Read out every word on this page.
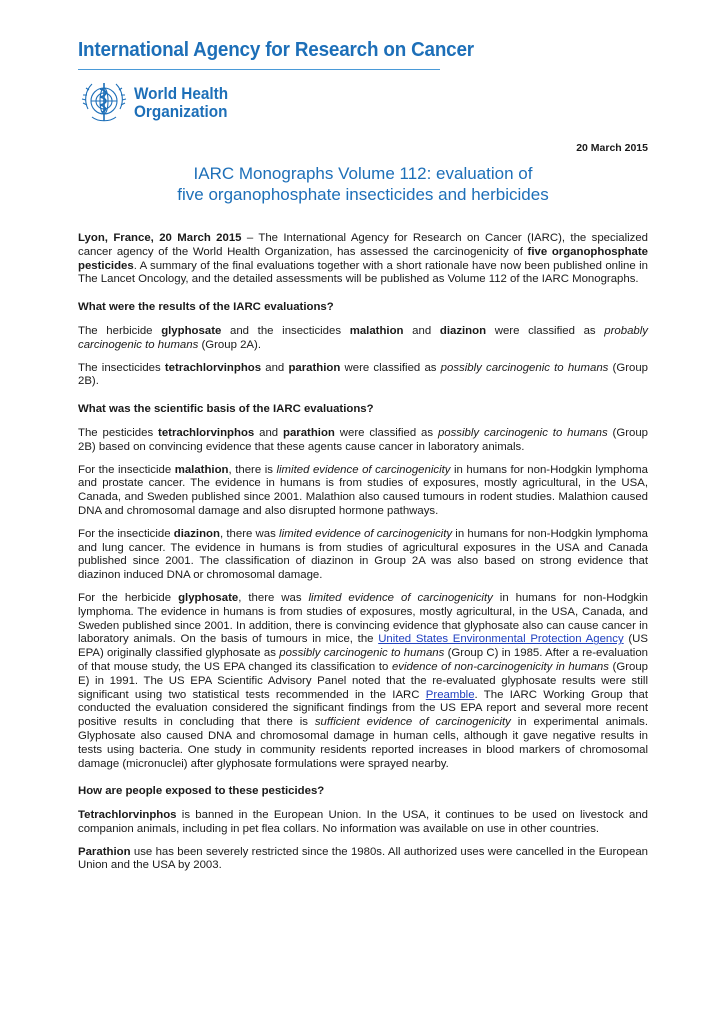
International Agency for Research on Cancer
World Health
Organization
20 March 2015
IARC Monographs Volume 112: evaluation of
five organophosphate insecticides and herbicides

Lyon, France, 20 March 2015 – The International Agency for Research on Cancer (IARC), the specialized cancer agency of the World Health Organization, has assessed the carcinogenicity of five organophosphate pesticides. A summary of the final evaluations together with a short rationale have now been published online in The Lancet Oncology, and the detailed assessments will be published as Volume 112 of the IARC Monographs.

What were the results of the IARC evaluations?

The herbicide glyphosate and the insecticides malathion and diazinon were classified as probably carcinogenic to humans (Group 2A).

The insecticides tetrachlorvinphos and parathion were classified as possibly carcinogenic to humans (Group 2B).

What was the scientific basis of the IARC evaluations?

The pesticides tetrachlorvinphos and parathion were classified as possibly carcinogenic to humans (Group 2B) based on convincing evidence that these agents cause cancer in laboratory animals.

For the insecticide malathion, there is limited evidence of carcinogenicity in humans for non-Hodgkin lymphoma and prostate cancer. The evidence in humans is from studies of exposures, mostly agricultural, in the USA, Canada, and Sweden published since 2001. Malathion also caused tumours in rodent studies. Malathion caused DNA and chromosomal damage and also disrupted hormone pathways.

For the insecticide diazinon, there was limited evidence of carcinogenicity in humans for non-Hodgkin lymphoma and lung cancer. The evidence in humans is from studies of agricultural exposures in the USA and Canada published since 2001. The classification of diazinon in Group 2A was also based on strong evidence that diazinon induced DNA or chromosomal damage.

For the herbicide glyphosate, there was limited evidence of carcinogenicity in humans for non-Hodgkin lymphoma. The evidence in humans is from studies of exposures, mostly agricultural, in the USA, Canada, and Sweden published since 2001. In addition, there is convincing evidence that glyphosate also can cause cancer in laboratory animals. On the basis of tumours in mice, the United States Environmental Protection Agency (US EPA) originally classified glyphosate as possibly carcinogenic to humans (Group C) in 1985. After a re-evaluation of that mouse study, the US EPA changed its classification to evidence of non-carcinogenicity in humans (Group E) in 1991. The US EPA Scientific Advisory Panel noted that the re-evaluated glyphosate results were still significant using two statistical tests recommended in the IARC Preamble. The IARC Working Group that conducted the evaluation considered the significant findings from the US EPA report and several more recent positive results in concluding that there is sufficient evidence of carcinogenicity in experimental animals. Glyphosate also caused DNA and chromosomal damage in human cells, although it gave negative results in tests using bacteria. One study in community residents reported increases in blood markers of chromosomal damage (micronuclei) after glyphosate formulations were sprayed nearby.

How are people exposed to these pesticides?

Tetrachlorvinphos is banned in the European Union. In the USA, it continues to be used on livestock and companion animals, including in pet flea collars. No information was available on use in other countries.

Parathion use has been severely restricted since the 1980s. All authorized uses were cancelled in the European Union and the USA by 2003.
